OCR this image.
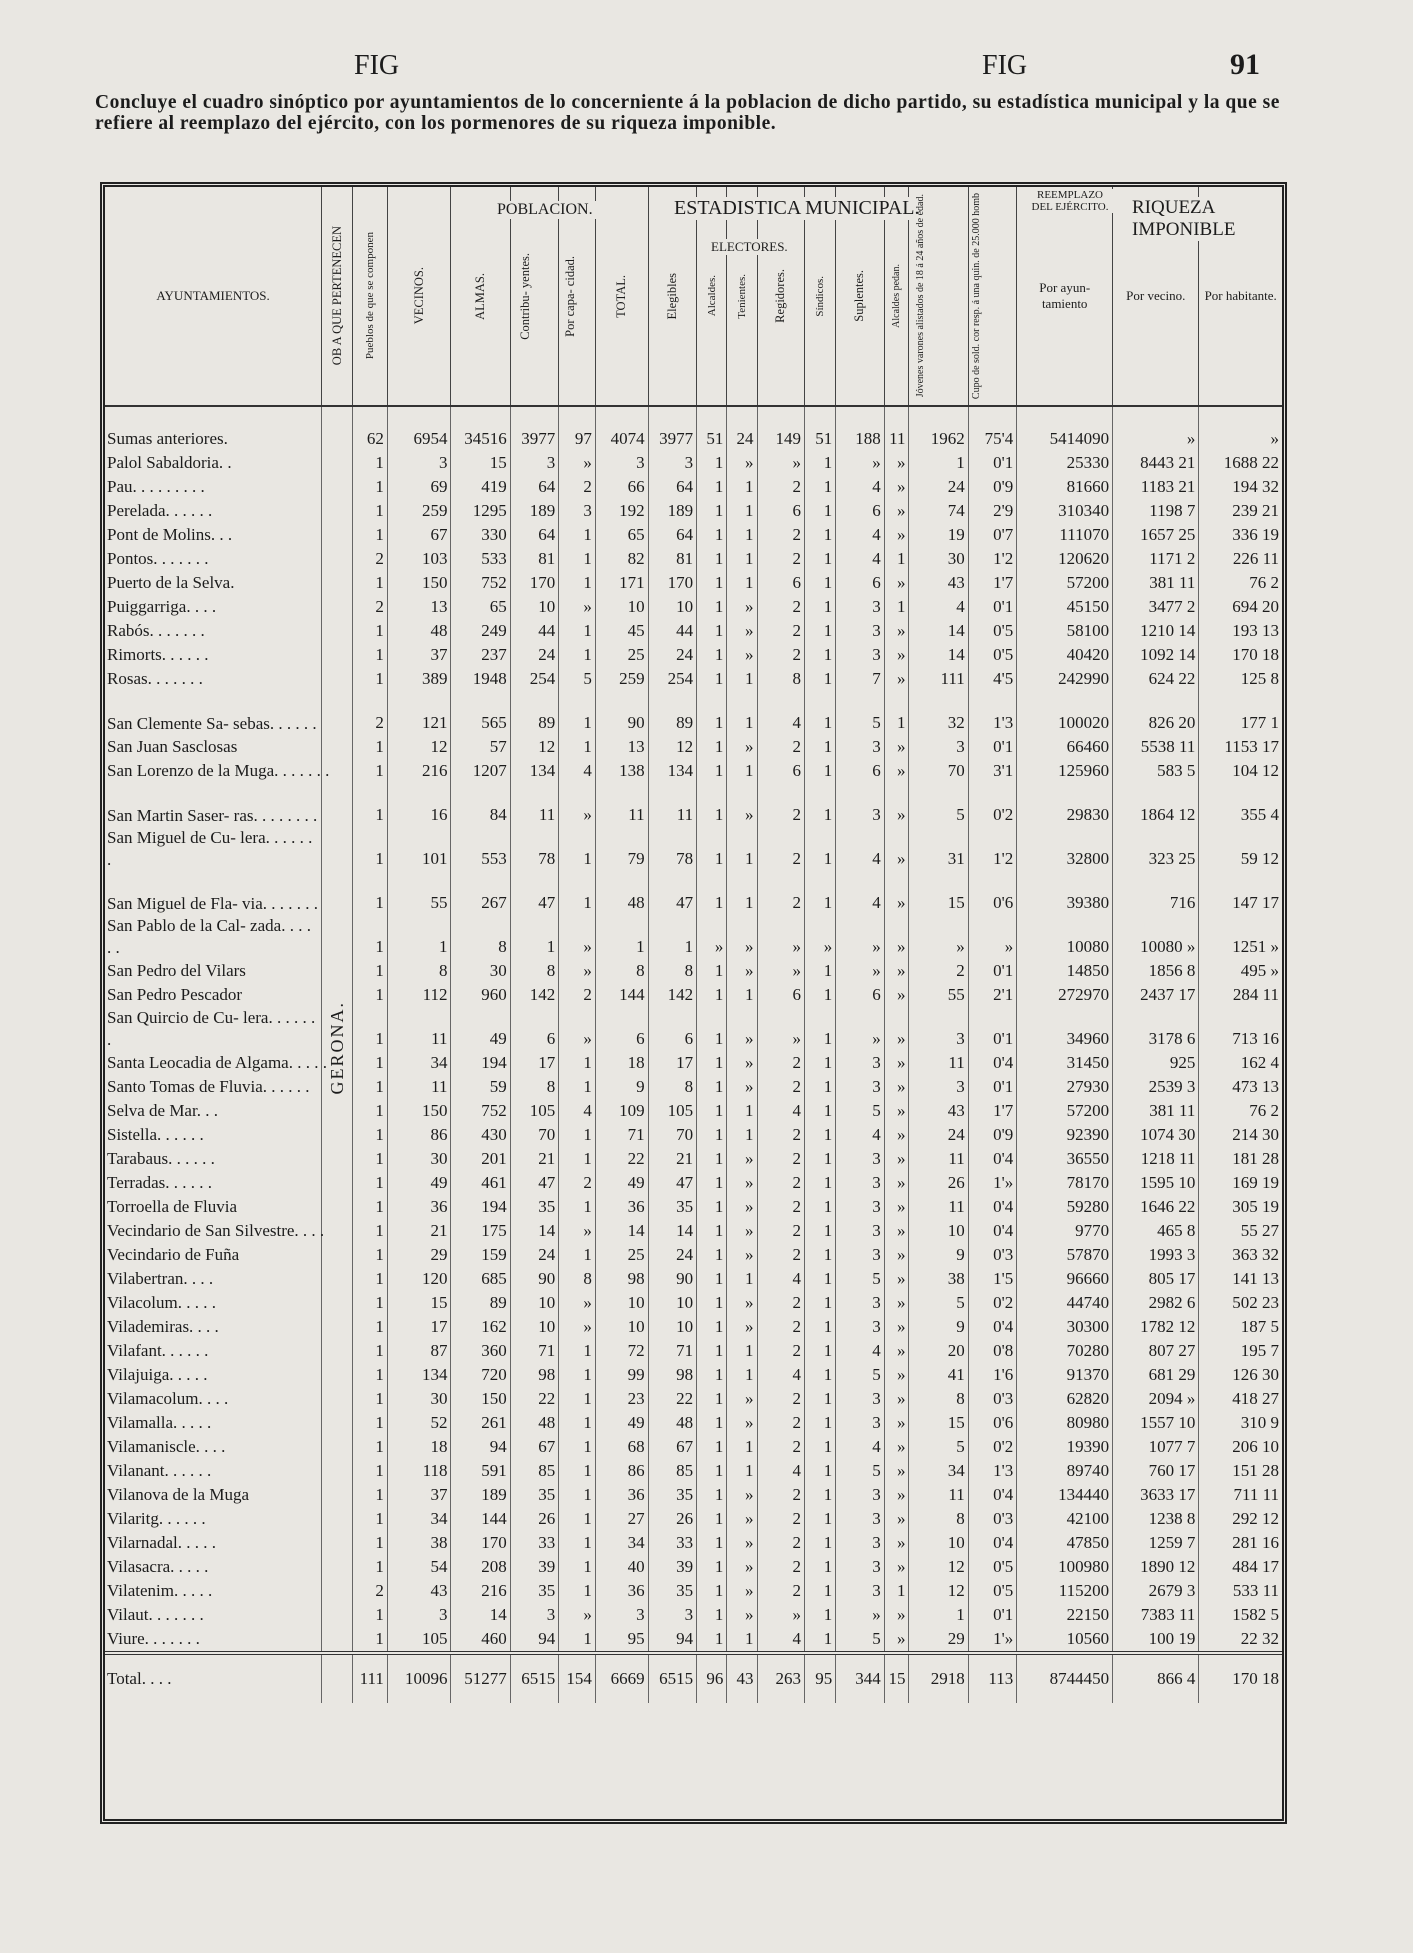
FIG	FIG	91
Concluye el cuadro sinóptico por ayuntamientos de lo concerniente á la poblacion de dicho partido, su estadística municipal y la que se refiere al reemplazo del ejército, con los pormenores de su riqueza imponible.
POBLACION.	ESTADISTICA MUNICIPAL.
ELECTORES.
REEMPLAZO DEL EJÉRCITO.	RIQUEZA IMPONIBLE
AYUNTAMIENTOS.	OB A QUE PERTENECEN	Pueblos de que se componen	VECINOS.	ALMAS.	Contribu- yentes.	Por capa- cidad.	TOTAL.	Elegibles	Alcaldes.	Tenientes.	Regidores.	Síndicos.	Suplentes.	Alcaldes pedan.	Jóvenes varones alistados de 18 á 24 años de edad.	Cupo de sold. cor resp. á una quin. de 25.000 homb	Por ayun- tamiento	Por vecino.	Por habitante.
Sumas anteriores.		62	6954	34516	3977	97	4074	3977	51	24	149	51	188	11	1962	75'4	5414090	»	»
Palol Sabaldoria. .	GERONA.	1	3	15	3	»	3	3	1	»	»	1	»	»	1	0'1	25330	8443 21	1688 22
Pau. . . . . . . . .		1	69	419	64	2	66	64	1	1	2	1	4	»	24	0'9	81660	1183 21	194 32
Perelada. . . . . .		1	259	1295	189	3	192	189	1	1	6	1	6	»	74	2'9	310340	1198 7	239 21
Pont de Molins. . .		1	67	330	64	1	65	64	1	1	2	1	4	»	19	0'7	111070	1657 25	336 19
Pontos. . . . . . .		2	103	533	81	1	82	81	1	1	2	1	4	1	30	1'2	120620	1171 2	226 11
Puerto de la Selva.		1	150	752	170	1	171	170	1	1	6	1	6	»	43	1'7	57200	381 11	76 2
Puiggarriga. . . .		2	13	65	10	»	10	10	1	»	2	1	3	1	4	0'1	45150	3477 2	694 20
Rabós. . . . . . .		1	48	249	44	1	45	44	1	»	2	1	3	»	14	0'5	58100	1210 14	193 13
Rimorts. . . . . .		1	37	237	24	1	25	24	1	»	2	1	3	»	14	0'5	40420	1092 14	170 18
Rosas. . . . . . .		1	389	1948	254	5	259	254	1	1	8	1	7	»	111	4'5	242990	624 22	125 8
San Clemente Sa- sebas. . . . . .		2	121	565	89	1	90	89	1	1	4	1	5	1	32	1'3	100020	826 20	177 1
San Juan Sasclosas		1	12	57	12	1	13	12	1	»	2	1	3	»	3	0'1	66460	5538 11	1153 17
San Lorenzo de la Muga. . . . . . .		1	216	1207	134	4	138	134	1	1	6	1	6	»	70	3'1	125960	583 5	104 12
San Martin Saser- ras. . . . . . . .		1	16	84	11	»	11	11	1	»	2	1	3	»	5	0'2	29830	1864 12	355 4
San Miguel de Cu- lera. . . . . . .		1	101	553	78	1	79	78	1	1	2	1	4	»	31	1'2	32800	323 25	59 12
San Miguel de Fla- via. . . . . . .		1	55	267	47	1	48	47	1	1	2	1	4	»	15	0'6	39380	716	147 17
San Pablo de la Cal- zada. . . . . .		1	1	8	1	»	1	1	»	»	»	»	»	»	»	»	10080	10080 »	1251 »
San Pedro del Vilars		1	8	30	8	»	8	8	1	»	»	1	»	»	2	0'1	14850	1856 8	495 »
San Pedro Pescador		1	112	960	142	2	144	142	1	1	6	1	6	»	55	2'1	272970	2437 17	284 11
San Quircio de Cu- lera. . . . . . .		1	11	49	6	»	6	6	1	»	»	1	»	»	3	0'1	34960	3178 6	713 16
Santa Leocadia de Algama. . . . .		1	34	194	17	1	18	17	1	»	2	1	3	»	11	0'4	31450	925	162 4
Santo Tomas de Fluvia. . . . . .		1	11	59	8	1	9	8	1	»	2	1	3	»	3	0'1	27930	2539 3	473 13
Selva de Mar. . .		1	150	752	105	4	109	105	1	1	4	1	5	»	43	1'7	57200	381 11	76 2
Sistella. . . . . .		1	86	430	70	1	71	70	1	1	2	1	4	»	24	0'9	92390	1074 30	214 30
Tarabaus. . . . . .		1	30	201	21	1	22	21	1	»	2	1	3	»	11	0'4	36550	1218 11	181 28
Terradas. . . . . .		1	49	461	47	2	49	47	1	»	2	1	3	»	26	1'»	78170	1595 10	169 19
Torroella de Fluvia		1	36	194	35	1	36	35	1	»	2	1	3	»	11	0'4	59280	1646 22	305 19
Vecindario de San Silvestre. . . .		1	21	175	14	»	14	14	1	»	2	1	3	»	10	0'4	9770	465 8	55 27
Vecindario de Fuña		1	29	159	24	1	25	24	1	»	2	1	3	»	9	0'3	57870	1993 3	363 32
Vilabertran. . . .		1	120	685	90	8	98	90	1	1	4	1	5	»	38	1'5	96660	805 17	141 13
Vilacolum. . . . .		1	15	89	10	»	10	10	1	»	2	1	3	»	5	0'2	44740	2982 6	502 23
Vilademiras. . . .		1	17	162	10	»	10	10	1	»	2	1	3	»	9	0'4	30300	1782 12	187 5
Vilafant. . . . . .		1	87	360	71	1	72	71	1	1	2	1	4	»	20	0'8	70280	807 27	195 7
Vilajuiga. . . . .		1	134	720	98	1	99	98	1	1	4	1	5	»	41	1'6	91370	681 29	126 30
Vilamacolum. . . .		1	30	150	22	1	23	22	1	»	2	1	3	»	8	0'3	62820	2094 »	418 27
Vilamalla. . . . .		1	52	261	48	1	49	48	1	»	2	1	3	»	15	0'6	80980	1557 10	310 9
Vilamaniscle. . . .		1	18	94	67	1	68	67	1	1	2	1	4	»	5	0'2	19390	1077 7	206 10
Vilanant. . . . . .		1	118	591	85	1	86	85	1	1	4	1	5	»	34	1'3	89740	760 17	151 28
Vilanova de la Muga		1	37	189	35	1	36	35	1	»	2	1	3	»	11	0'4	134440	3633 17	711 11
Vilaritg. . . . . .		1	34	144	26	1	27	26	1	»	2	1	3	»	8	0'3	42100	1238 8	292 12
Vilarnadal. . . . .		1	38	170	33	1	34	33	1	»	2	1	3	»	10	0'4	47850	1259 7	281 16
Vilasacra. . . . .		1	54	208	39	1	40	39	1	»	2	1	3	»	12	0'5	100980	1890 12	484 17
Vilatenim. . . . .		2	43	216	35	1	36	35	1	»	2	1	3	1	12	0'5	115200	2679 3	533 11
Vilaut. . . . . . .		1	3	14	3	»	3	3	1	»	»	1	»	»	1	0'1	22150	7383 11	1582 5
Viure. . . . . . .		1	105	460	94	1	95	94	1	1	4	1	5	»	29	1'»	10560	100 19	22 32
Total. . . .		111	10096	51277	6515	154	6669	6515	96	43	263	95	344	15	2918	113	8744450	866 4	170 18
